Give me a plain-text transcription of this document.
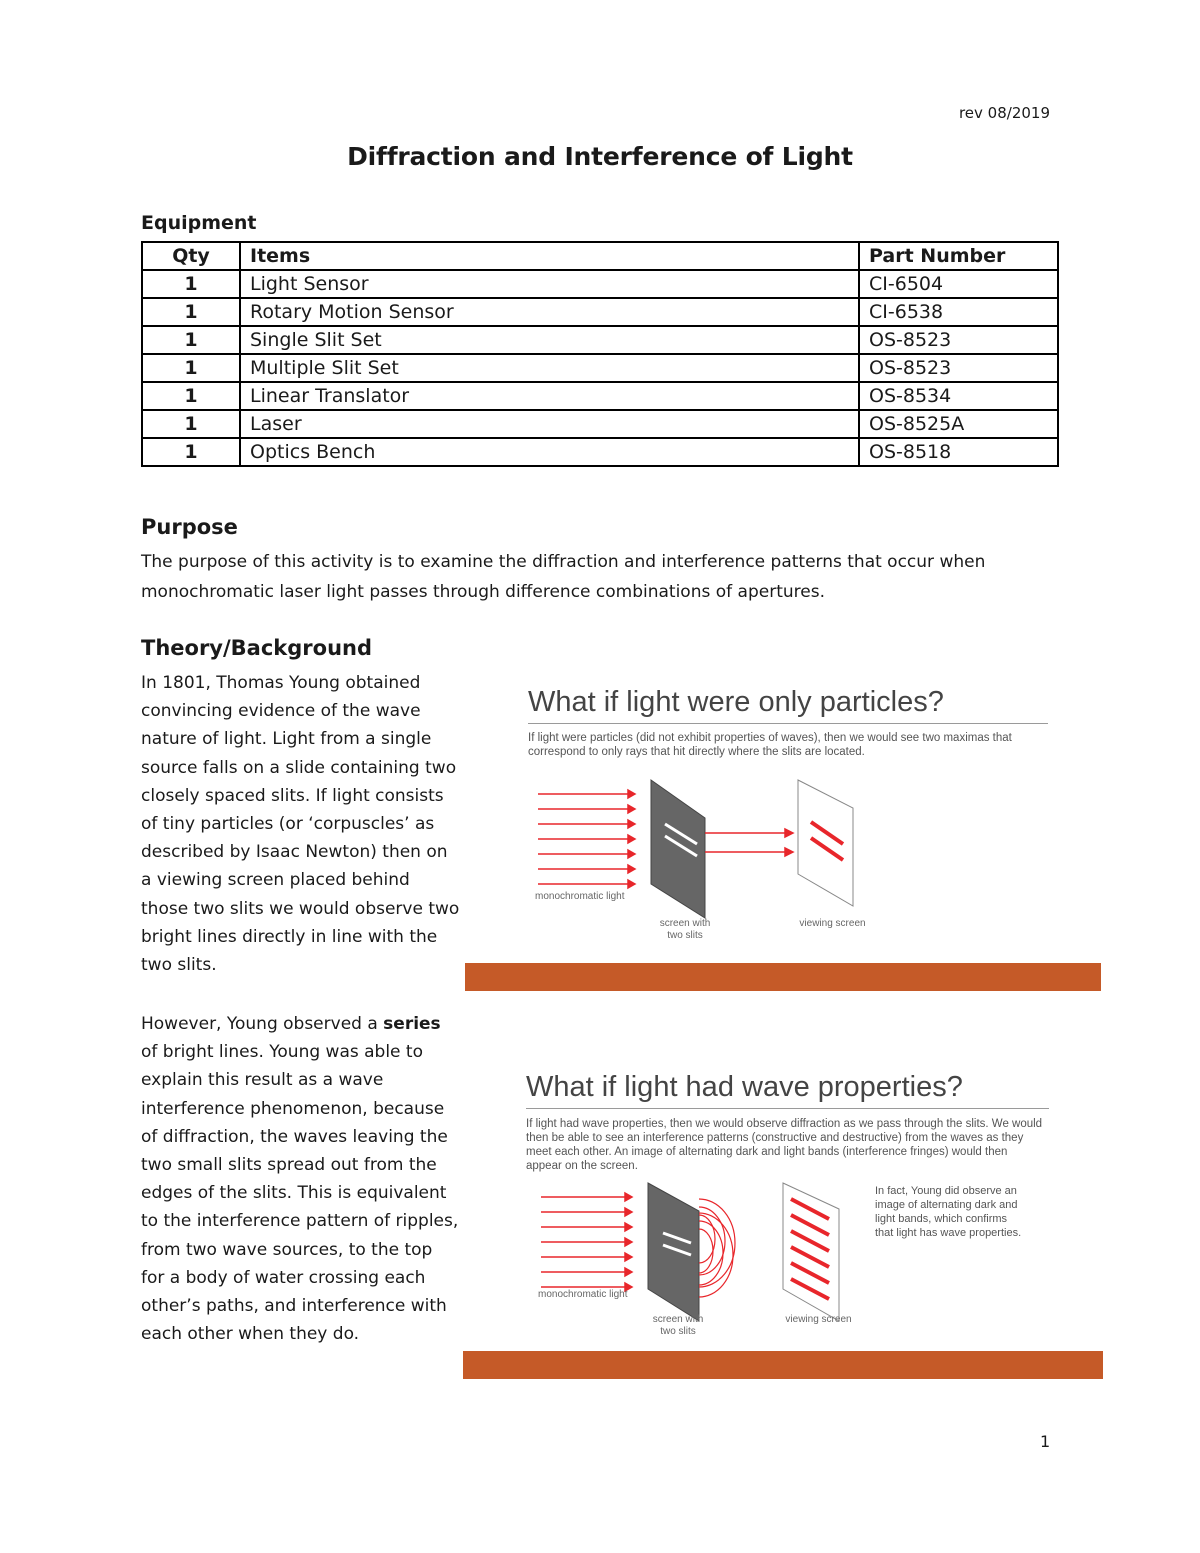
rev 08/2019
Diffraction and Interference of Light
Equipment
Qty	Items	Part Number
1	Light Sensor	CI-6504
1	Rotary Motion Sensor	CI-6538
1	Single Slit Set	OS-8523
1	Multiple Slit Set	OS-8523
1	Linear Translator	OS-8534
1	Laser	OS-8525A
1	Optics Bench	OS-8518
Purpose
The purpose of this activity is to examine the diffraction and interference patterns that occur when monochromatic laser light passes through difference combinations of apertures.
Theory/Background
In 1801, Thomas Young obtained convincing evidence of the wave nature of light. Light from a single source falls on a slide containing two closely spaced slits. If light consists of tiny particles (or ‘corpuscles’ as described by Isaac Newton) then on a viewing screen placed behind those two slits we would observe two bright lines directly in line with the two slits.
However, Young observed a series of bright lines. Young was able to explain this result as a wave interference phenomenon, because of diffraction, the waves leaving the two small slits spread out from the edges of the slits. This is equivalent to the interference pattern of ripples, from two wave sources, to the top for a body of water crossing each other’s paths, and interference with each other when they do.
What if light were only particles?
If light were particles (did not exhibit properties of waves), then we would see two maximas that correspond to only rays that hit directly where the slits are located.
monochromatic light
screen with
two slits
viewing screen
What if light had wave properties?
If light had wave properties, then we would observe diffraction as we pass through the slits. We would then be able to see an interference patterns (constructive and destructive) from the waves as they meet each other. An image of alternating dark and light bands (interference fringes) would then appear on the screen.
In fact, Young did observe an image of alternating dark and light bands, which confirms that light has wave properties.
monochromatic light
screen with
two slits
viewing screen
1
